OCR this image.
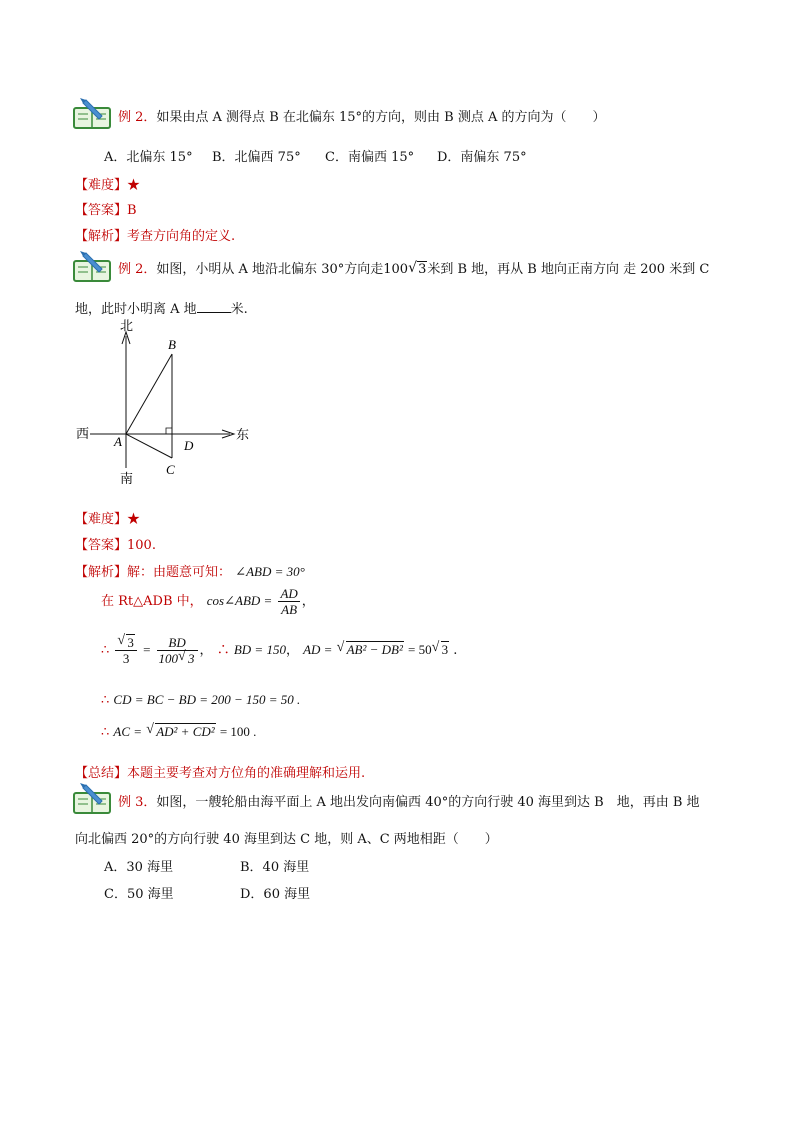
例 2．如果由点 A 测得点 B 在北偏东 15°的方向，则由 B 测点 A 的方向为（　　）
A．北偏东 15° B．北偏西 75° C．南偏西 15° D．南偏东 75°
【难度】★
【答案】B
【解析】考查方向角的定义.
例 2．如图，小明从 A 地沿北偏东 30°方向走100 √ 3米到 B 地，再从 B 地向正南方向 走 200 米到 C
地，此时小明离 A 地	米.
北
南
西	东
A
B
C
D
【难度】★
【答案】100.
【解析】解：由题意可知： ∠ABD = 30°
在 Rt△ADB 中， cos∠ABD = $\frac{AD}{AB}$ ，
∴ √ $\frac{3}{3} = \frac{BD}{100 √ 3}$ ， ∴ BD = 150， AD = √ AB² − DB² = 50 √ 3 .
∴ CD = BC − BD = 200 − 150 = 50 .
∴ AC = √ AD² + CD² = 100 .
【总结】本题主要考查对方位角的准确理解和运用.
例 3．如图，一艘轮船由海平面上 A 地出发向南偏西 40°的方向行驶 40 海里到达 B　地，再由 B 地
向北偏西 20°的方向行驶 40 海里到达 C 地，则 A、C 两地相距（　　）
A．30 海里	B．40 海里
C．50 海里	D．60 海里
